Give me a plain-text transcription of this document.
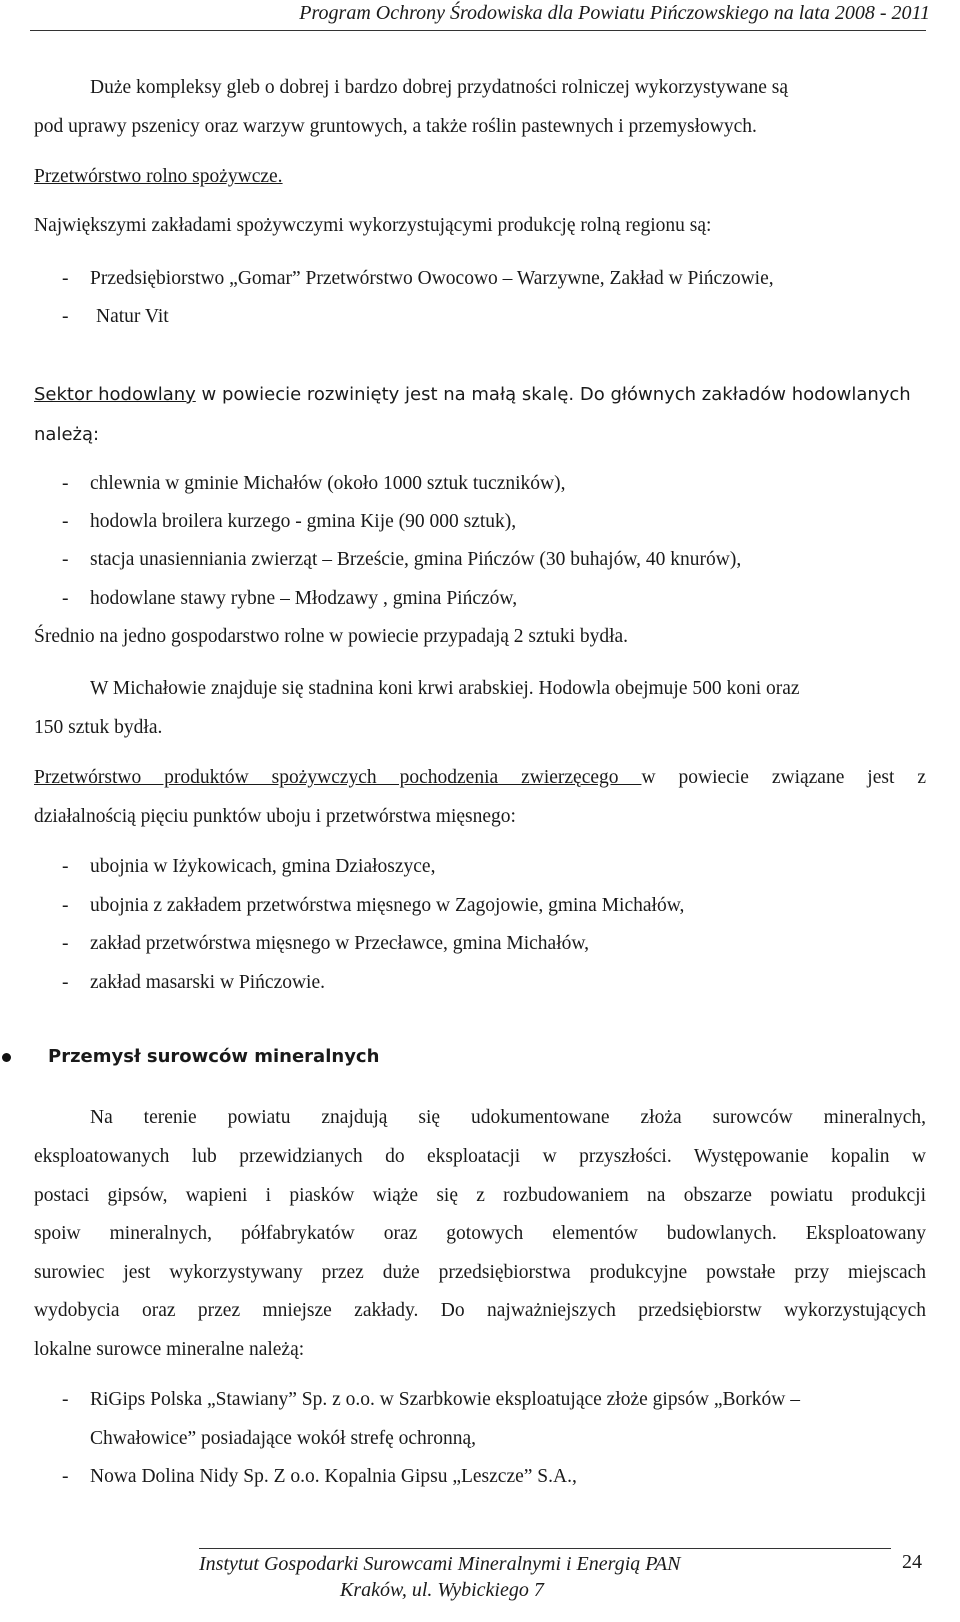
Program Ochrony Środowiska dla Powiatu Pińczowskiego na lata 2008 - 2011
Duże kompleksy gleb o dobrej i bardzo dobrej przydatności rolniczej wykorzystywane są
pod uprawy pszenicy oraz warzyw gruntowych, a także roślin pastewnych i przemysłowych.
Przetwórstwo rolno spożywcze.
Największymi zakładami spożywczymi wykorzystującymi produkcję rolną regionu są:
- Przedsiębiorstwo „Gomar” Przetwórstwo Owocowo – Warzywne, Zakład w Pińczowie,
- Natur Vit
Sektor hodowlany w powiecie rozwinięty jest na małą skalę. Do głównych zakładów hodowlanych
należą:
- chlewnia w gminie Michałów (około 1000 sztuk tuczników),
- hodowla broilera kurzego - gmina Kije (90 000 sztuk),
- stacja unasienniania zwierząt – Brzeście, gmina Pińczów (30 buhajów, 40 knurów),
- hodowlane stawy rybne – Młodzawy , gmina Pińczów,
Średnio na jedno gospodarstwo rolne w powiecie przypadają 2 sztuki bydła.
W Michałowie znajduje się stadnina koni krwi arabskiej. Hodowla obejmuje 500 koni oraz
150 sztuk bydła.
Przetwórstwo produktów spożywczych pochodzenia zwierzęcego w powiecie związane jest z
działalnością pięciu punktów uboju i przetwórstwa mięsnego:
- ubojnia w Iżykowicach, gmina Działoszyce,
- ubojnia z zakładem przetwórstwa mięsnego w Zagojowie, gmina Michałów,
- zakład przetwórstwa mięsnego w Przecławce, gmina Michałów,
- zakład masarski w Pińczowie.
Przemysł surowców mineralnych
Na terenie powiatu znajdują się udokumentowane złoża surowców mineralnych,
eksploatowanych lub przewidzianych do eksploatacji w przyszłości. Występowanie kopalin w
postaci gipsów, wapieni i piasków wiąże się z rozbudowaniem na obszarze powiatu produkcji
spoiw mineralnych, półfabrykatów oraz gotowych elementów budowlanych. Eksploatowany
surowiec jest wykorzystywany przez duże przedsiębiorstwa produkcyjne powstałe przy miejscach
wydobycia oraz przez mniejsze zakłady. Do najważniejszych przedsiębiorstw wykorzystujących
lokalne surowce mineralne należą:
- RiGips Polska „Stawiany” Sp. z o.o. w Szarbkowie eksploatujące złoże gipsów „Borków –
Chwałowice” posiadające wokół strefę ochronną,
- Nowa Dolina Nidy Sp. Z o.o. Kopalnia Gipsu „Leszcze” S.A.,
Instytut Gospodarki Surowcami Mineralnymi i Energią PAN
Kraków, ul. Wybickiego 7
24
